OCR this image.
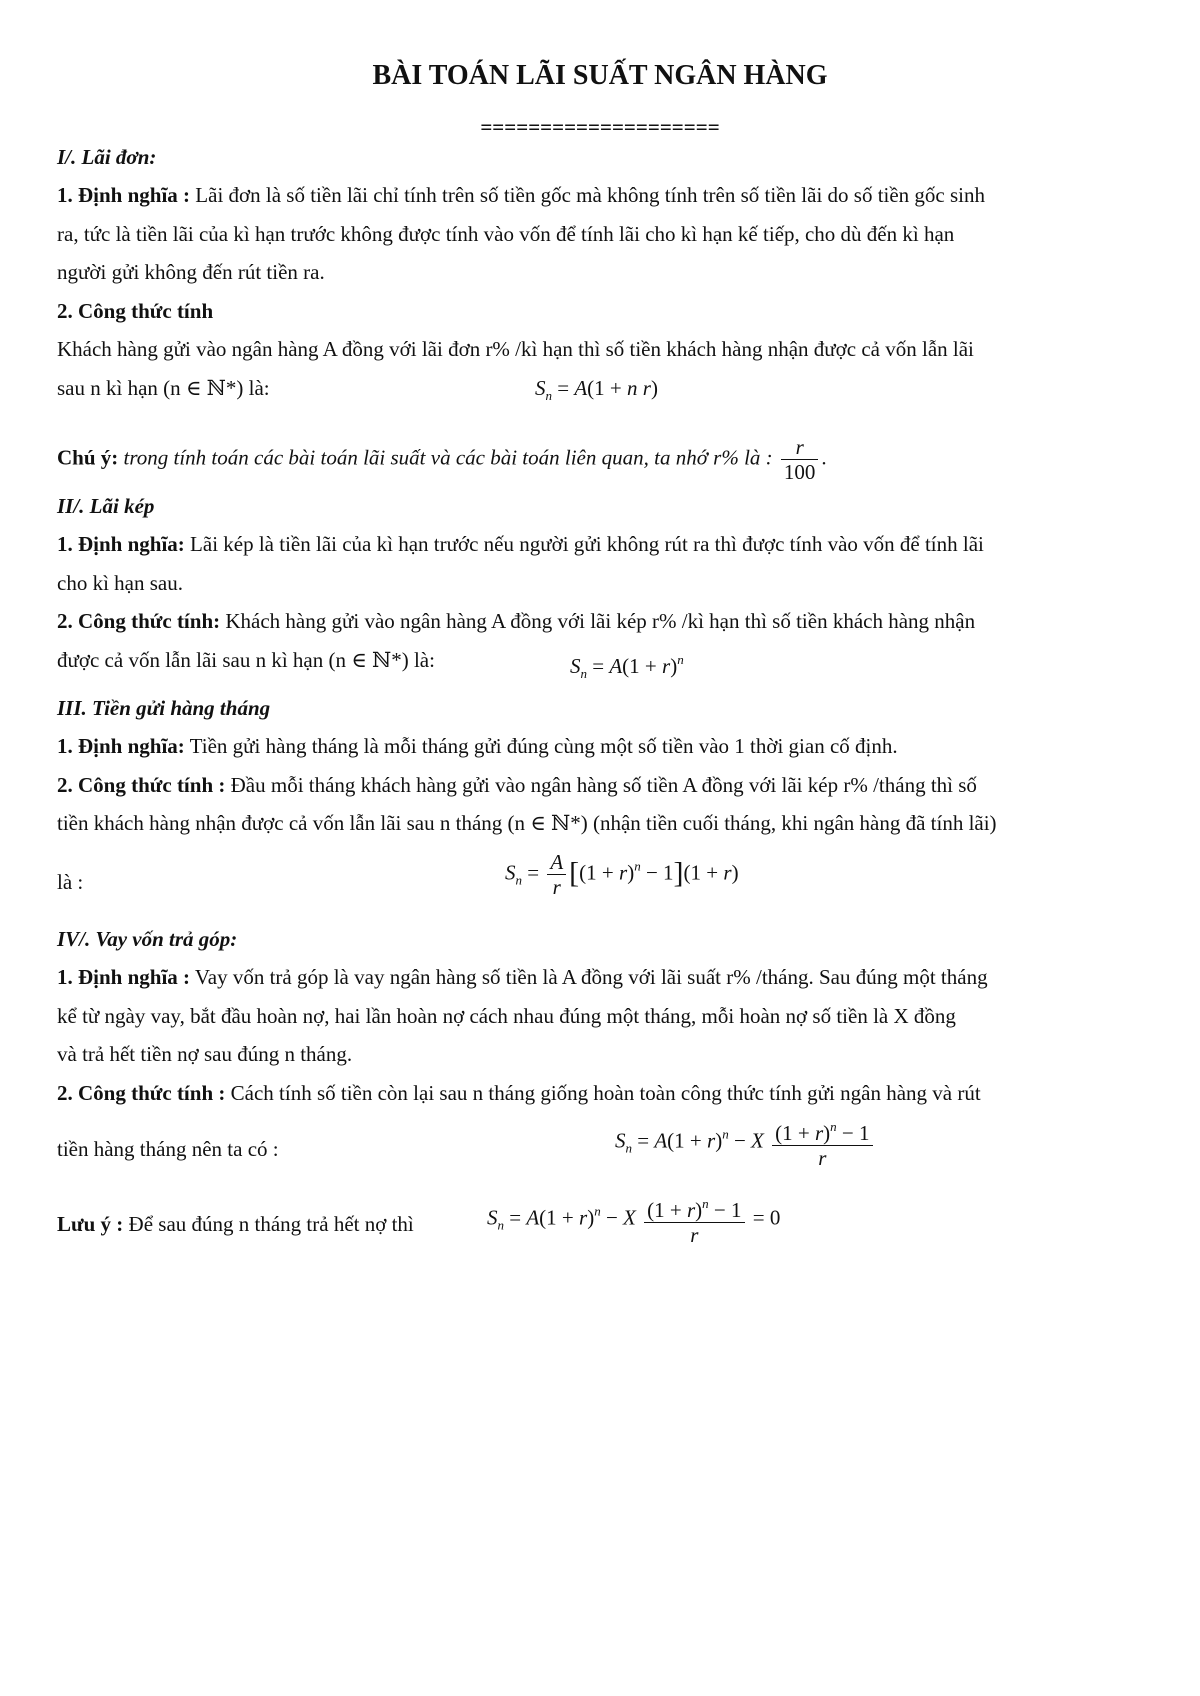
BÀI TOÁN LÃI SUẤT NGÂN HÀNG
====================
I/. Lãi đơn:
1. Định nghĩa : Lãi đơn là số tiền lãi chỉ tính trên số tiền gốc mà không tính trên số tiền lãi do số tiền gốc sinh
ra, tức là tiền lãi của kì hạn trước không được tính vào vốn để tính lãi cho kì hạn kế tiếp, cho dù đến kì hạn
người gửi không đến rút tiền ra.
2. Công thức tính
Khách hàng gửi vào ngân hàng A đồng với lãi đơn r% /kì hạn thì số tiền khách hàng nhận được cả vốn lẫn lãi
sau n kì hạn (n ∈ ℕ*) là:	$S_n = A(1 + n$ r)
Chú ý: trong tính toán các bài toán lãi suất và các bài toán liên quan, ta nhớ r% là : $\frac{r}{100}$ .
II/. Lãi kép
1. Định nghĩa: Lãi kép là tiền lãi của kì hạn trước nếu người gửi không rút ra thì được tính vào vốn để tính lãi
cho kì hạn sau.
2. Công thức tính: Khách hàng gửi vào ngân hàng A đồng với lãi kép r% /kì hạn thì số tiền khách hàng nhận
được cả vốn lẫn lãi sau n kì hạn (n ∈ ℕ*) là:	$S_n = A(1 + r)^n$
III. Tiền gửi hàng tháng
1. Định nghĩa: Tiền gửi hàng tháng là mỗi tháng gửi đúng cùng một số tiền vào 1 thời gian cố định.
2. Công thức tính : Đầu mỗi tháng khách hàng gửi vào ngân hàng số tiền A đồng với lãi kép r% /tháng thì số
tiền khách hàng nhận được cả vốn lẫn lãi sau n tháng (n ∈ ℕ*) (nhận tiền cuối tháng, khi ngân hàng đã tính lãi)
là :	$S_n = \frac{A}{r} [(1 + r)^n - 1](1 + r)$
IV/. Vay vốn trả góp:
1. Định nghĩa : Vay vốn trả góp là vay ngân hàng số tiền là A đồng với lãi suất r% /tháng. Sau đúng một tháng
kể từ ngày vay, bắt đầu hoàn nợ, hai lần hoàn nợ cách nhau đúng một tháng, mỗi hoàn nợ số tiền là X đồng
và trả hết tiền nợ sau đúng n tháng.
2. Công thức tính : Cách tính số tiền còn lại sau n tháng giống hoàn toàn công thức tính gửi ngân hàng và rút
tiền hàng tháng nên ta có :	$S_n = A(1 + r)^n - X \frac{(1 + r)^n - 1}{r}$
Lưu ý : Để sau đúng n tháng trả hết nợ thì	$S_n = A(1 + r)^n - X \frac{(1 + r)^n - 1}{r} = 0$
